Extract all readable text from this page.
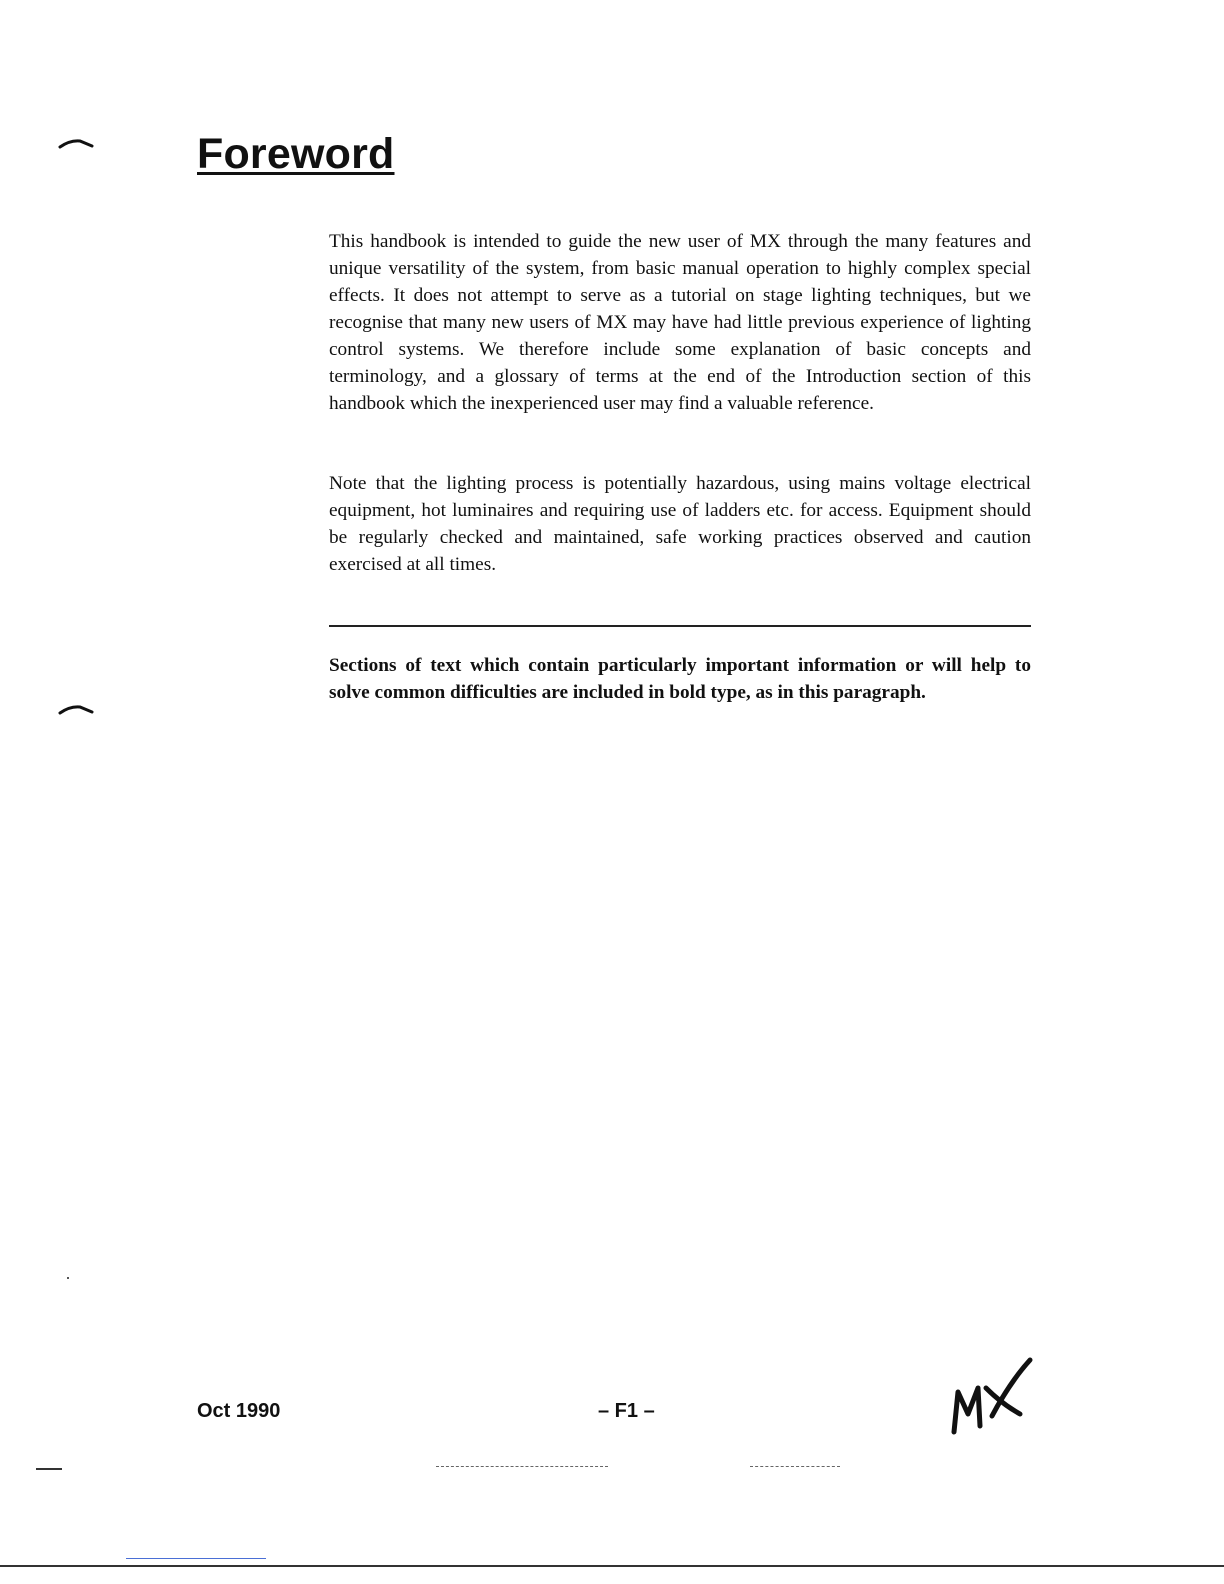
Foreword

This handbook is intended to guide the new user of MX through the many features and unique versatility of the system, from basic manual operation to highly complex special effects. It does not attempt to serve as a tutorial on stage lighting techniques, but we recognise that many new users of MX may have had little previous experience of lighting control systems. We therefore include some explanation of basic concepts and terminology, and a glossary of terms at the end of the Introduction section of this handbook which the inexperienced user may find a valuable reference.

Note that the lighting process is potentially hazardous, using mains voltage electrical equipment, hot luminaires and requiring use of ladders etc. for access. Equipment should be regularly checked and maintained, safe working practices observed and caution exercised at all times.

Sections of text which contain particularly important information or will help to solve common difficulties are included in bold type, as in this paragraph.

Oct 1990	– F1 –
